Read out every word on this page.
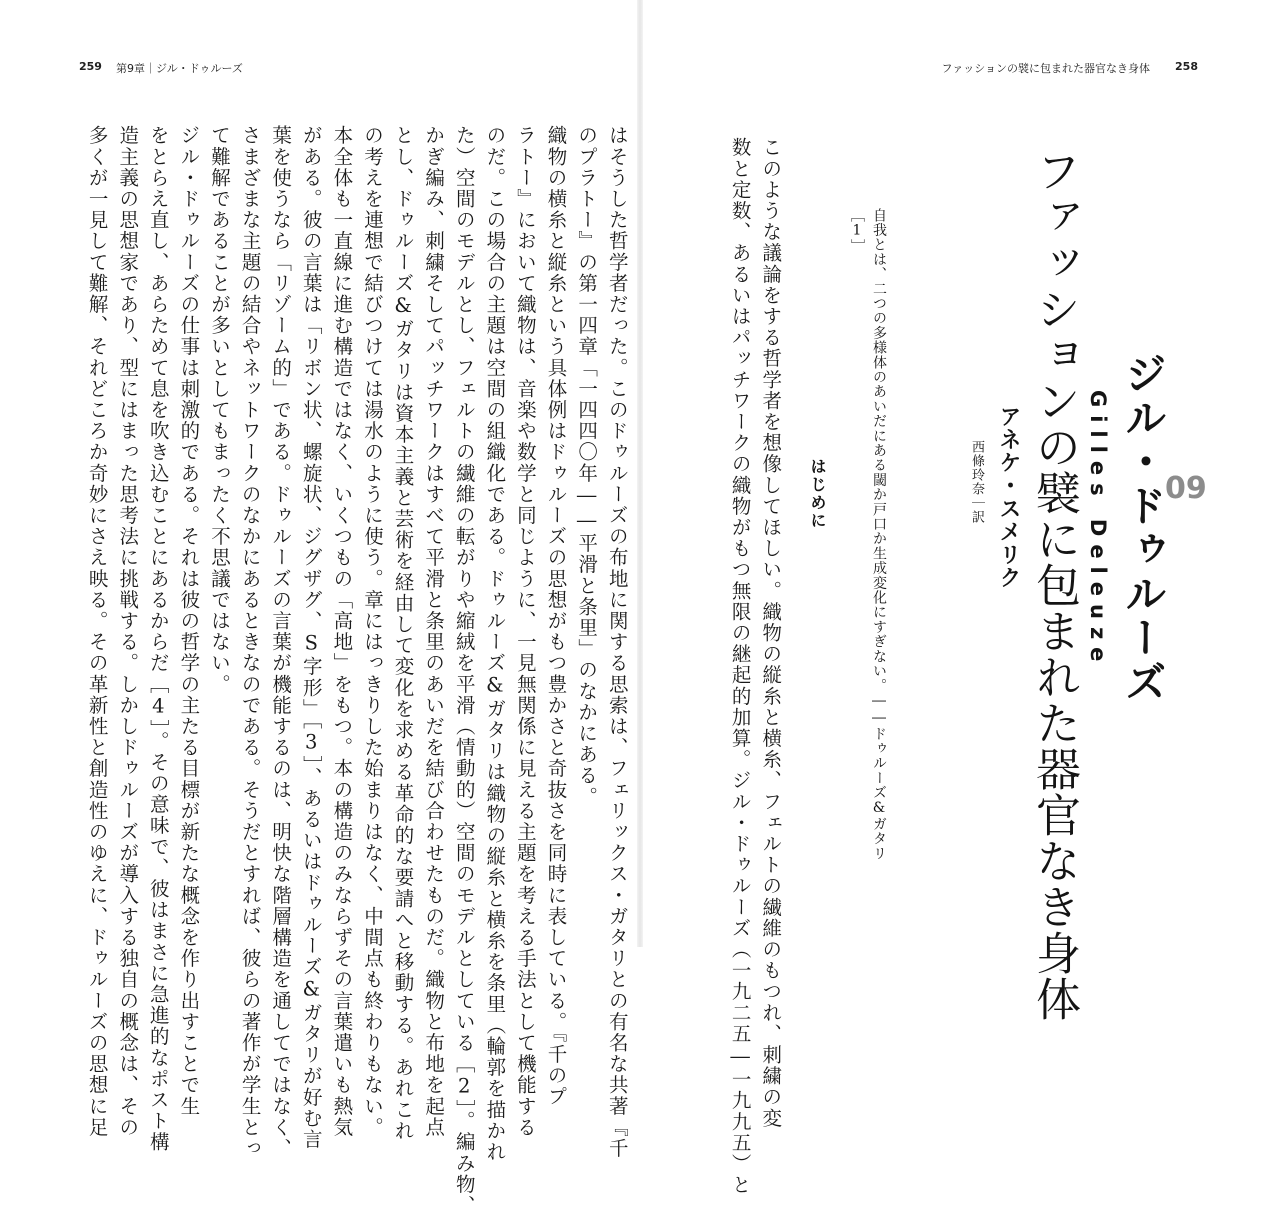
259 第9章｜ジル・ドゥルーズ	ファッションの襞に包まれた器官なき身体 258
09
ジル・ドゥルーズ
Gilles Deleuze
ファッションの襞に包まれた器官なき身体
アネケ・スメリク
西條玲奈｜訳

自我とは、二つの多様体のあいだにある閾か戸口か生成変化にすぎない。――ドゥルーズ&ガタリ

［1］

はじめに

このような議論をする哲学者を想像してほしい。織物の縦糸と横糸、フェルトの繊維のもつれ、刺繍の変

数と定数、あるいはパッチワークの織物がもつ無限の継起的加算。ジル・ドゥルーズ（一九二五―一九九五）と

はそうした哲学者だった。このドゥルーズの布地に関する思索は、フェリックス・ガタリとの有名な共著『千

のプラトー』の第一四章「一四四〇年――平滑と条里」のなかにある。

織物の横糸と縦糸という具体例はドゥルーズの思想がもつ豊かさと奇抜さを同時に表している。『千のプ

ラトー』において織物は、音楽や数学と同じように、一見無関係に見える主題を考える手法として機能する

のだ。この場合の主題は空間の組織化である。ドゥルーズ&ガタリは織物の縦糸と横糸を条里（輪郭を描かれ

た）空間のモデルとし、フェルトの繊維の転がりや縮絨を平滑（情動的）空間のモデルとしている［2］。編み物、

かぎ編み、刺繍そしてパッチワークはすべて平滑と条里のあいだを結び合わせたものだ。織物と布地を起点

とし、ドゥルーズ&ガタリは資本主義と芸術を経由して変化を求める革命的な要請へと移動する。あれこれ

の考えを連想で結びつけては湯水のように使う。章にはっきりした始まりはなく、中間点も終わりもない。

本全体も一直線に進む構造ではなく、いくつもの「高地」をもつ。本の構造のみならずその言葉遣いも熱気

がある。彼の言葉は「リボン状、螺旋状、ジグザグ、S字形」［3］、あるいはドゥルーズ&ガタリが好む言

葉を使うなら「リゾーム的」である。ドゥルーズの言葉が機能するのは、明快な階層構造を通してではなく、

さまざまな主題の結合やネットワークのなかにあるときなのである。そうだとすれば、彼らの著作が学生とっ

て難解であることが多いとしてもまったく不思議ではない。

ジル・ドゥルーズの仕事は刺激的である。それは彼の哲学の主たる目標が新たな概念を作り出すことで生

をとらえ直し、あらためて息を吹き込むことにあるからだ［4］。その意味で、彼はまさに急進的なポスト構

造主義の思想家であり、型にはまった思考法に挑戦する。しかしドゥルーズが導入する独自の概念は、その

多くが一見して難解、それどころか奇妙にさえ映る。その革新性と創造性のゆえに、ドゥルーズの思想に足
